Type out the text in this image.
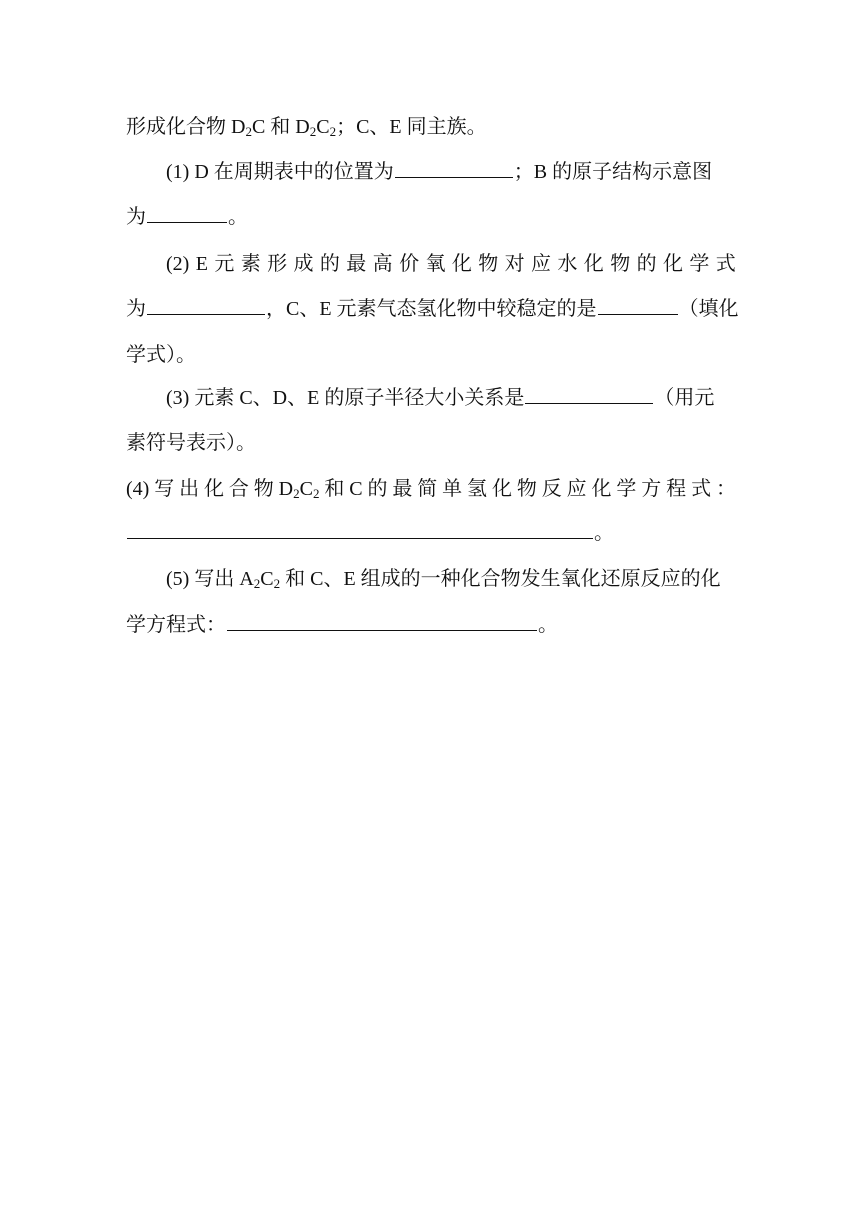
形成化合物 $D_2C$ 和 $D_2C_2$；C、E 同主族。
(1) D 在周期表中的位置为	；B 的原子结构示意图
为	。
(2) E 元 素 形 成 的 最 高 价 氧 化 物 对 应 水 化 物 的 化 学 式
为	，C、E 元素气态氢化物中较稳定的是	（填化
学式）。
(3) 元素 C、D、E 的原子半径大小关系是	（用元
素符号表示）。
(4) 写 出 化 合 物 $D_2C_2$ 和 C 的 最 简 单 氢 化 物 反 应 化 学 方 程 式 ：
。
(5) 写出 $A_2C_2$ 和 C、E 组成的一种化合物发生氧化还原反应的化
学方程式：	。
